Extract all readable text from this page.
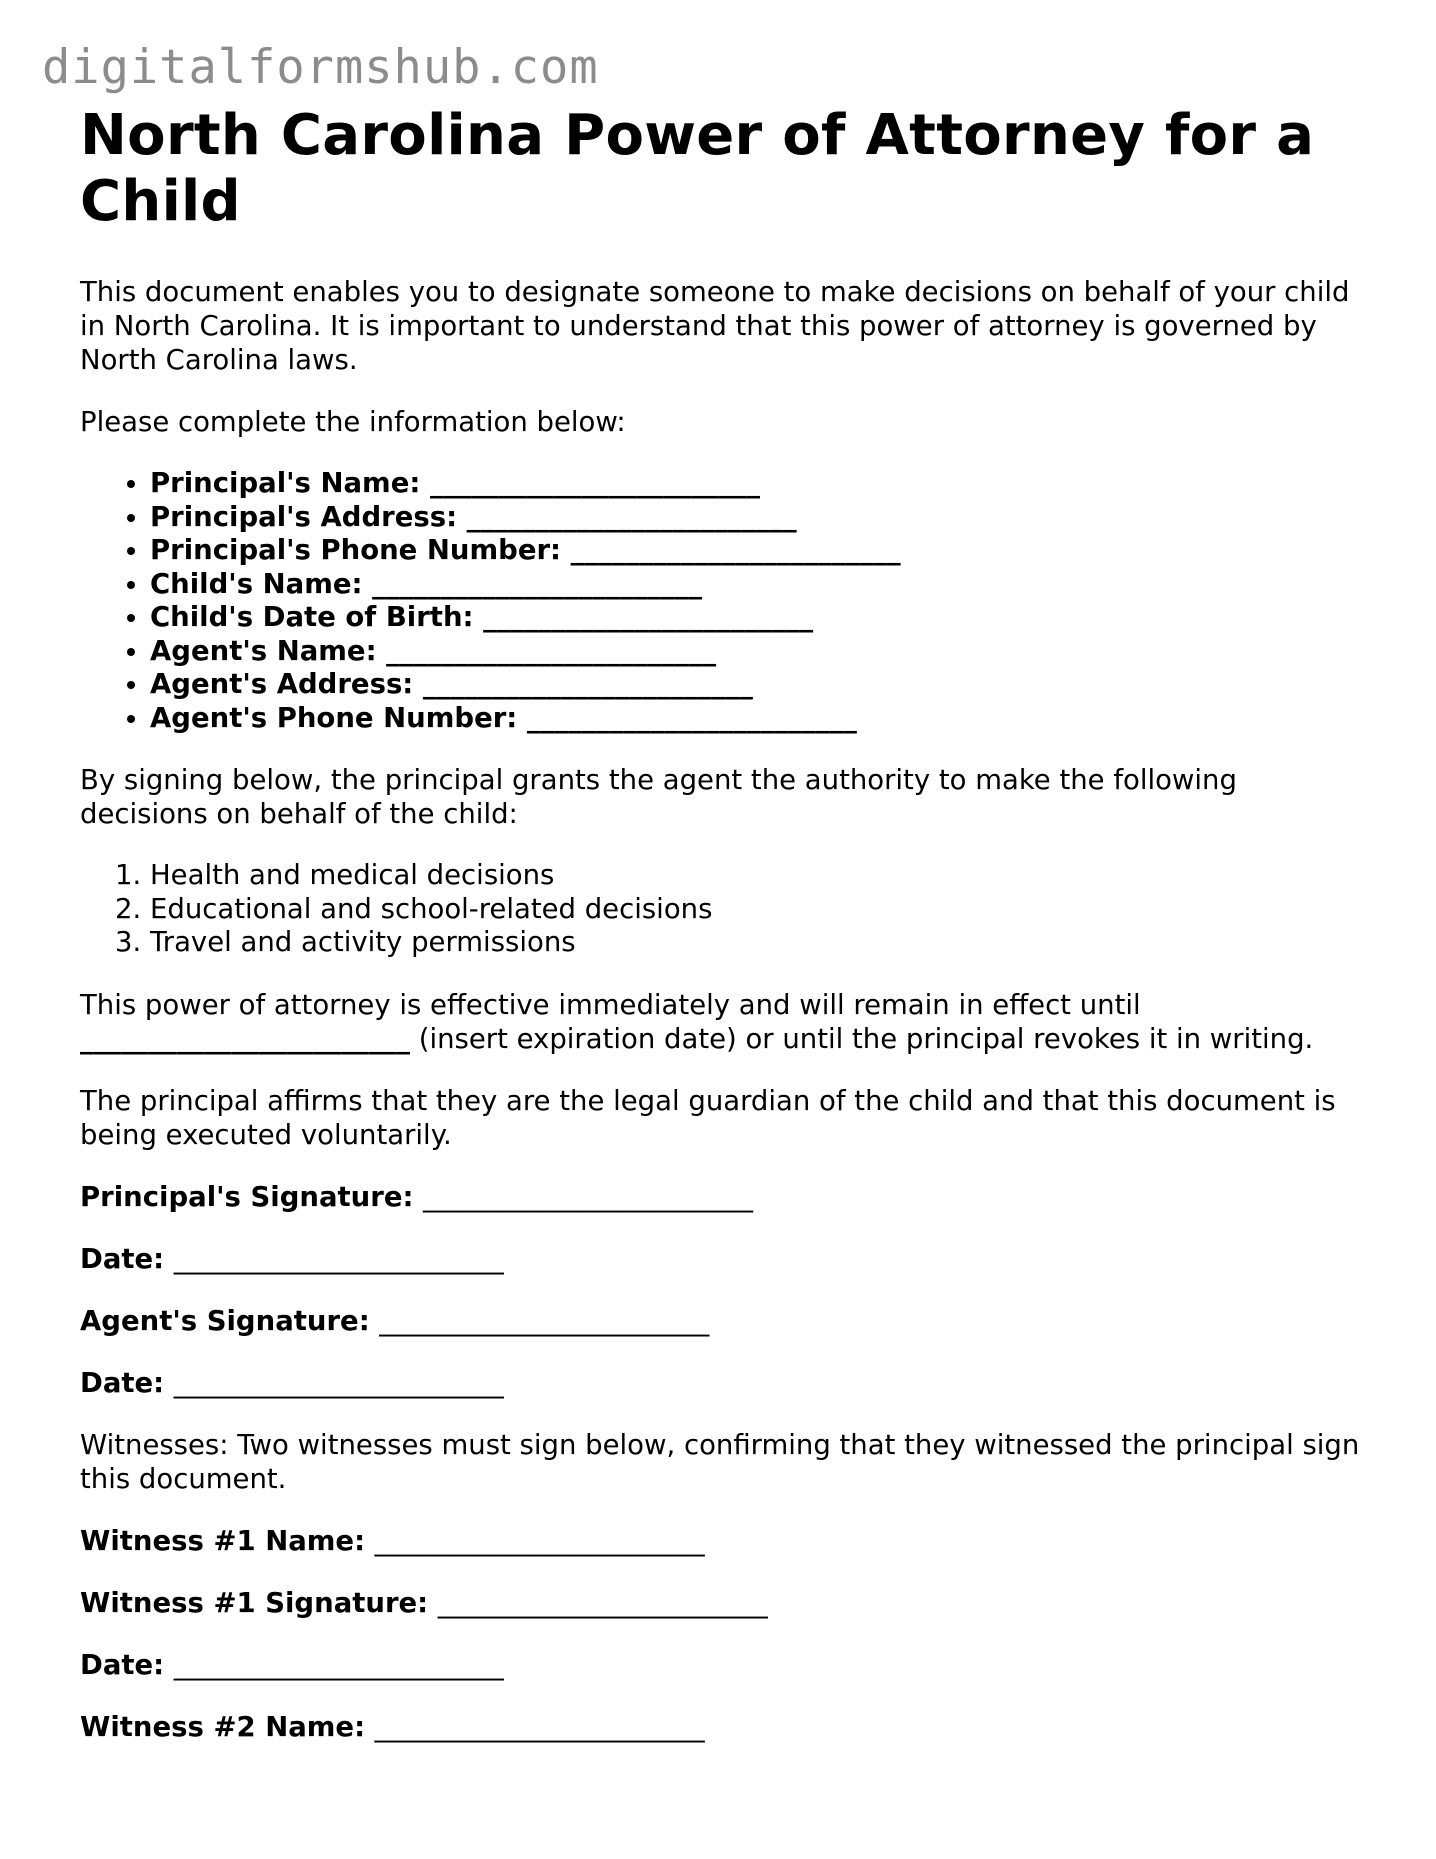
digitalformshub.com
North Carolina Power of Attorney for a Child

This document enables you to designate someone to make decisions on behalf of your child in North Carolina. It is important to understand that this power of attorney is governed by North Carolina laws.

Please complete the information below:

• Principal's Name: ________________________
• Principal's Address: ________________________
• Principal's Phone Number: ________________________
• Child's Name: ________________________
• Child's Date of Birth: ________________________
• Agent's Name: ________________________
• Agent's Address: ________________________
• Agent's Phone Number: ________________________

By signing below, the principal grants the agent the authority to make the following decisions on behalf of the child:

1. Health and medical decisions
2. Educational and school-related decisions
3. Travel and activity permissions

This power of attorney is effective immediately and will remain in effect until ________________________ (insert expiration date) or until the principal revokes it in writing.

The principal affirms that they are the legal guardian of the child and that this document is being executed voluntarily.

Principal's Signature: ________________________
Date: ________________________
Agent's Signature: ________________________
Date: ________________________

Witnesses: Two witnesses must sign below, confirming that they witnessed the principal sign this document.

Witness #1 Name: ________________________
Witness #1 Signature: ________________________
Date: ________________________
Witness #2 Name: ________________________
